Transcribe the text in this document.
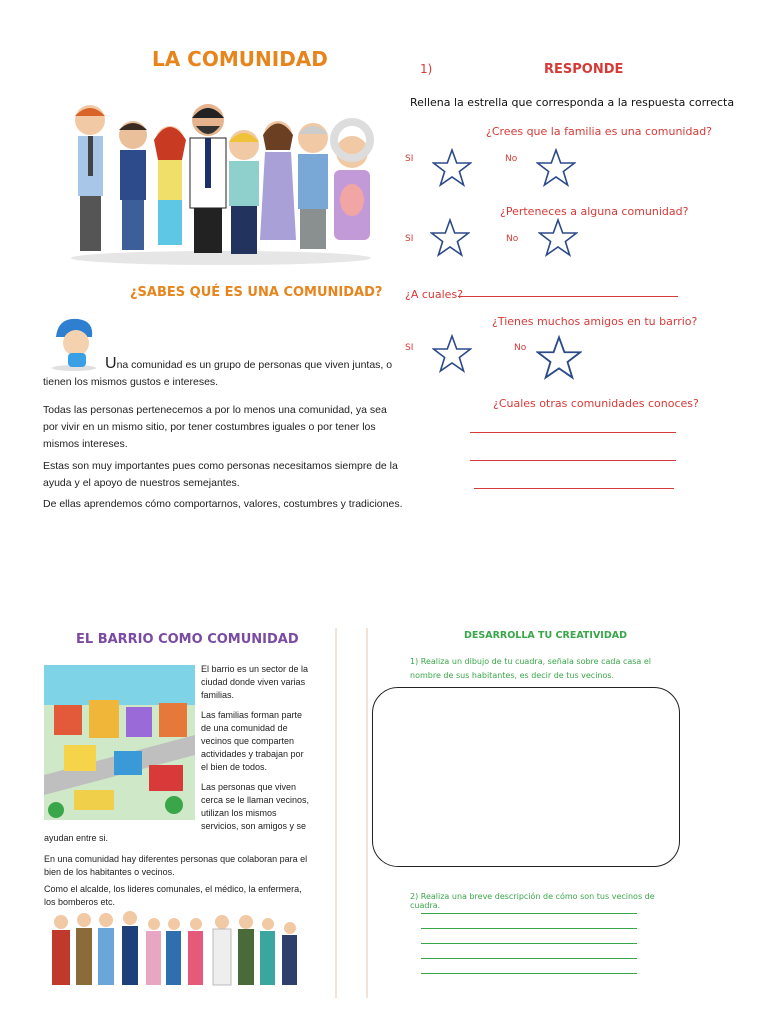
LA COMUNIDAD
¿SABES QUÉ ES UNA COMUNIDAD?
Una comunidad es un grupo de personas que viven juntas, o tienen los mismos gustos e intereses.
Todas las personas pertenecemos a por lo menos una comunidad, ya sea por vivir en un mismo sitio, por tener costumbres iguales o por tener los mismos intereses.
Estas son muy importantes pues como personas necesitamos siempre de la ayuda y el apoyo de nuestros semejantes.
De ellas aprendemos cómo comportarnos, valores, costumbres y tradiciones.
1)	RESPONDE
Rellena la estrella que corresponda a la respuesta correcta
¿Crees que la familia es una comunidad?
SI	No
¿Perteneces a alguna comunidad?
SI	No
¿A cuales?
¿Tienes muchos amigos en tu barrio?
SI	No
¿Cuales otras comunidades conoces?
EL BARRIO COMO COMUNIDAD
El barrio es un sector de la ciudad donde viven varias familias.
Las familias forman parte de una comunidad de vecinos que comparten actividades y trabajan por el bien de todos.
Las personas que viven cerca se le llaman vecinos, utilizan los mismos servicios, son amigos y se
ayudan entre si.
En una comunidad hay diferentes personas que colaboran para el bien de los habitantes o vecinos.
Como el alcalde, los lideres comunales, el médico, la enfermera, los bomberos etc.
DESARROLLA TU CREATIVIDAD
1) Realiza un dibujo de tu cuadra, señala sobre cada casa el nombre de sus habitantes, es decir de tus vecinos.
2) Realiza una breve descripción de cómo son tus vecinos de cuadra.
